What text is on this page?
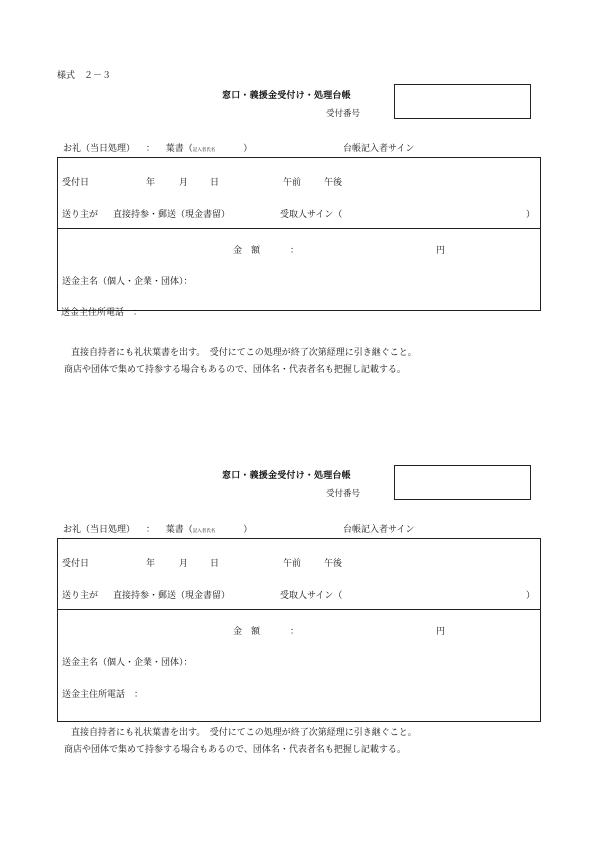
様式　２－３
窓口・義援金受付け・処理台帳
受付番号
お礼（当日処理） ： 葉書（記入者氏名	）	台帳記入者サイン
受付日	年	月 日	午前	午後
送り主が 直接持参・郵送（現金書留）	受取人サイン（	）
金　額	：	円
送金主名（個人・企業・団体）：
送金主住所電話　：
直接自持者にも礼状葉書を出す。　受付にてこの処理が終了次第経理に引き継ぐこと。
商店や団体で集めて持参する場合もあるので、団体名・代表者名も把握し記載する。
窓口・義援金受付け・処理台帳
受付番号
お礼（当日処理） ： 葉書（記入者氏名	）	台帳記入者サイン
受付日	年	月 日	午前	午後
送り主が 直接持参・郵送（現金書留）	受取人サイン（	）
金　額	：	円
送金主名（個人・企業・団体）：
送金主住所電話　：
直接自持者にも礼状葉書を出す。　受付にてこの処理が終了次第経理に引き継ぐこと。
商店や団体で集めて持参する場合もあるので、団体名・代表者名も把握し記載する。
